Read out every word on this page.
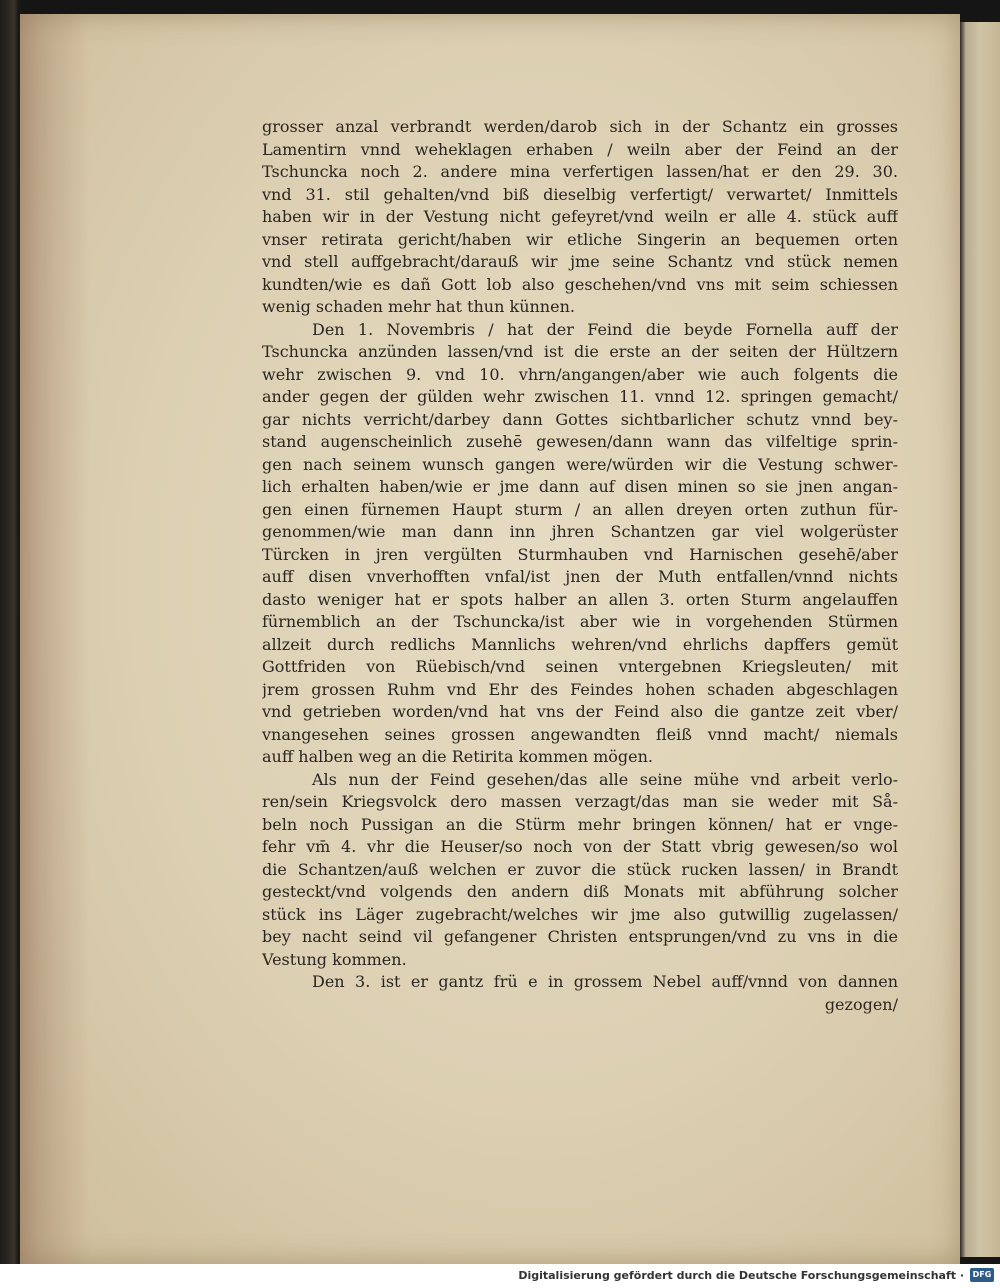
grosser anzal verbrandt werden/darob sich in der Schantz ein grosses
Lamentirn vnnd weheklagen erhaben / weiln aber der Feind an der
Tschuncka noch 2. andere mina verfertigen lassen/hat er den 29. 30.
vnd 31. stil gehalten/vnd biß dieselbig verfertigt/ verwartet/ Inmittels
haben wir in der Vestung nicht gefeyret/vnd weiln er alle 4. stück auff
vnser retirata gericht/haben wir etliche Singerin an bequemen orten
vnd stell auffgebracht/darauß wir jme seine Schantz vnd stück nemen
kundten/wie es dañ Gott lob also geschehen/vnd vns mit seim schiessen
wenig schaden mehr hat thun künnen.
Den 1. Novembris / hat der Feind die beyde Fornella auff der
Tschuncka anzünden lassen/vnd ist die erste an der seiten der Hültzern
wehr zwischen 9. vnd 10. vhrn/angangen/aber wie auch folgents die
ander gegen der gülden wehr zwischen 11. vnnd 12. springen gemacht/
gar nichts verricht/darbey dann Gottes sichtbarlicher schutz vnnd bey-
stand augenscheinlich zusehē gewesen/dann wann das vilfeltige sprin-
gen nach seinem wunsch gangen were/würden wir die Vestung schwer-
lich erhalten haben/wie er jme dann auf disen minen so sie jnen angan-
gen einen fürnemen Haupt sturm / an allen dreyen orten zuthun für-
genommen/wie man dann inn jhren Schantzen gar viel wolgerüster
Türcken in jren vergülten Sturmhauben vnd Harnischen gesehē/aber
auff disen vnverhofften vnfal/ist jnen der Muth entfallen/vnnd nichts
dasto weniger hat er spots halber an allen 3. orten Sturm angelauffen
fürnemblich an der Tschuncka/ist aber wie in vorgehenden Stürmen
allzeit durch redlichs Mannlichs wehren/vnd ehrlichs dapffers gemüt
Gottfriden von Rüebisch/vnd seinen vntergebnen Kriegsleuten/ mit
jrem grossen Ruhm vnd Ehr des Feindes hohen schaden abgeschlagen
vnd getrieben worden/vnd hat vns der Feind also die gantze zeit vber/
vnangesehen seines grossen angewandten fleiß vnnd macht/ niemals
auff halben weg an die Retirita kommen mögen.
Als nun der Feind gesehen/das alle seine mühe vnd arbeit verlo-
ren/sein Kriegsvolck dero massen verzagt/das man sie weder mit Så-
beln noch Pussigan an die Stürm mehr bringen können/ hat er vnge-
fehr vm̄ 4. vhr die Heuser/so noch von der Statt vbrig gewesen/so wol
die Schantzen/auß welchen er zuvor die stück rucken lassen/ in Brandt
gesteckt/vnd volgends den andern diß Monats mit abführung solcher
stück ins Läger zugebracht/welches wir jme also gutwillig zugelassen/
bey nacht seind vil gefangener Christen entsprungen/vnd zu vns in die
Vestung kommen.
Den 3. ist er gantz frü e in grossem Nebel auff/vnnd von dannen
gezogen/
Digitalisierung gefördert durch die Deutsche Forschungsgemeinschaft ·	DFG
